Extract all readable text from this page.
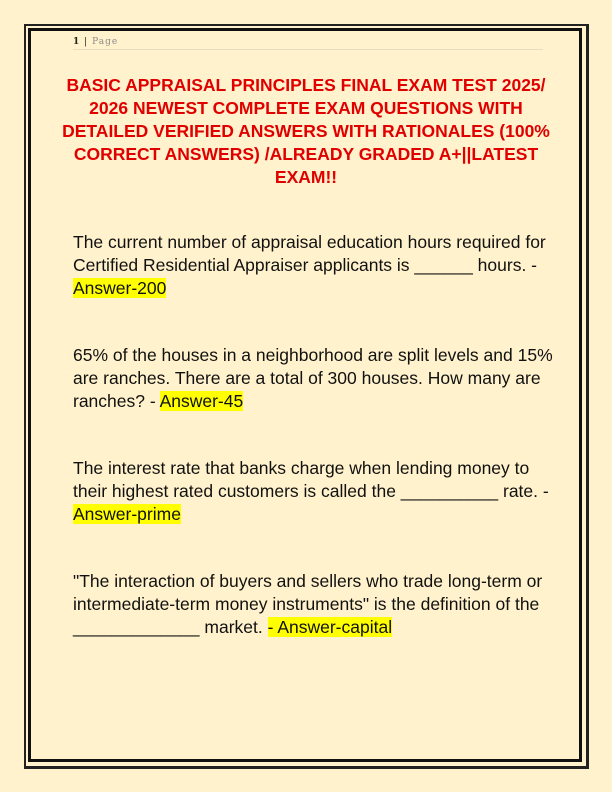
1 | Page
BASIC APPRAISAL PRINCIPLES FINAL EXAM TEST 2025/ 2026 NEWEST COMPLETE EXAM QUESTIONS WITH DETAILED VERIFIED ANSWERS WITH RATIONALES (100% CORRECT ANSWERS) /ALREADY GRADED A+||LATEST EXAM!!
The current number of appraisal education hours required for Certified Residential Appraiser applicants is ______ hours. - Answer-200
65% of the houses in a neighborhood are split levels and 15% are ranches. There are a total of 300 houses. How many are ranches? - Answer-45
The interest rate that banks charge when lending money to their highest rated customers is called the __________ rate. - Answer-prime
"The interaction of buyers and sellers who trade long-term or intermediate-term money instruments" is the definition of the _____________ market. - Answer-capital
